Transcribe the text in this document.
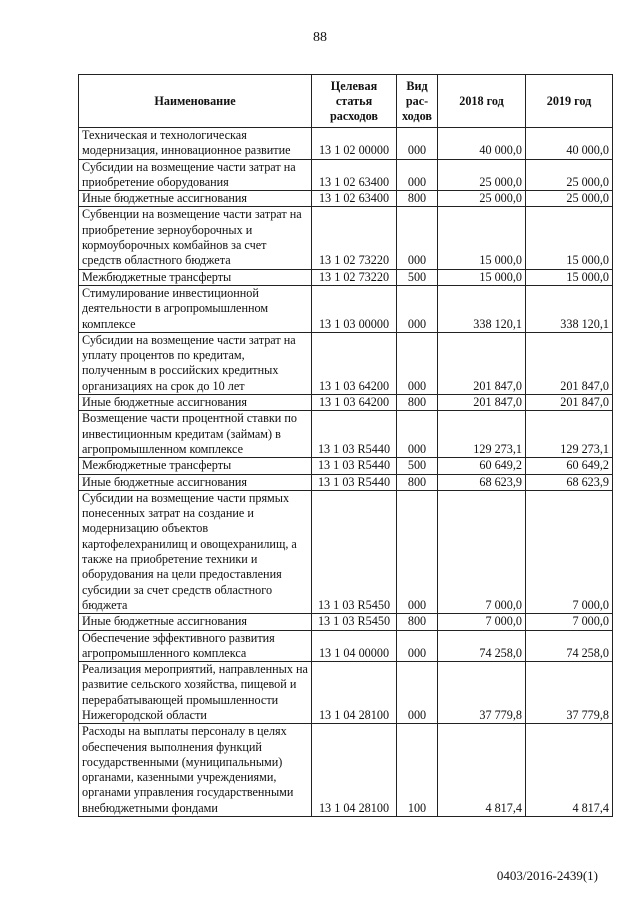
88
Наименование	Целевая статья расходов	Вид рас-ходов	2018 год	2019 год
Техническая и технологическая модернизация, инновационное развитие	13 1 02 00000	000	40 000,0	40 000,0
Субсидии на возмещение части затрат на приобретение оборудования	13 1 02 63400	000	25 000,0	25 000,0
Иные бюджетные ассигнования	13 1 02 63400	800	25 000,0	25 000,0
Субвенции на возмещение части затрат на приобретение зерноуборочных и кормоуборочных комбайнов за счет средств областного бюджета	13 1 02 73220	000	15 000,0	15 000,0
Межбюджетные трансферты	13 1 02 73220	500	15 000,0	15 000,0
Стимулирование инвестиционной деятельности в агропромышленном комплексе	13 1 03 00000	000	338 120,1	338 120,1
Субсидии на возмещение части затрат на уплату процентов по кредитам, полученным в российских кредитных организациях на срок до 10 лет	13 1 03 64200	000	201 847,0	201 847,0
Иные бюджетные ассигнования	13 1 03 64200	800	201 847,0	201 847,0
Возмещение части процентной ставки по инвестиционным кредитам (займам) в агропромышленном комплексе	13 1 03 R5440	000	129 273,1	129 273,1
Межбюджетные трансферты	13 1 03 R5440	500	60 649,2	60 649,2
Иные бюджетные ассигнования	13 1 03 R5440	800	68 623,9	68 623,9
Субсидии на возмещение части прямых понесенных затрат на создание и модернизацию объектов картофелехранилищ и овощехранилищ, а также на приобретение техники и оборудования на цели предоставления субсидии за счет средств областного бюджета	13 1 03 R5450	000	7 000,0	7 000,0
Иные бюджетные ассигнования	13 1 03 R5450	800	7 000,0	7 000,0
Обеспечение эффективного развития агропромышленного комплекса	13 1 04 00000	000	74 258,0	74 258,0
Реализация мероприятий, направленных на развитие сельского хозяйства, пищевой и перерабатывающей промышленности Нижегородской области	13 1 04 28100	000	37 779,8	37 779,8
Расходы на выплаты персоналу в целях обеспечения выполнения функций государственными (муниципальными) органами, казенными учреждениями, органами управления государственными внебюджетными фондами	13 1 04 28100	100	4 817,4	4 817,4
0403/2016-2439(1)
